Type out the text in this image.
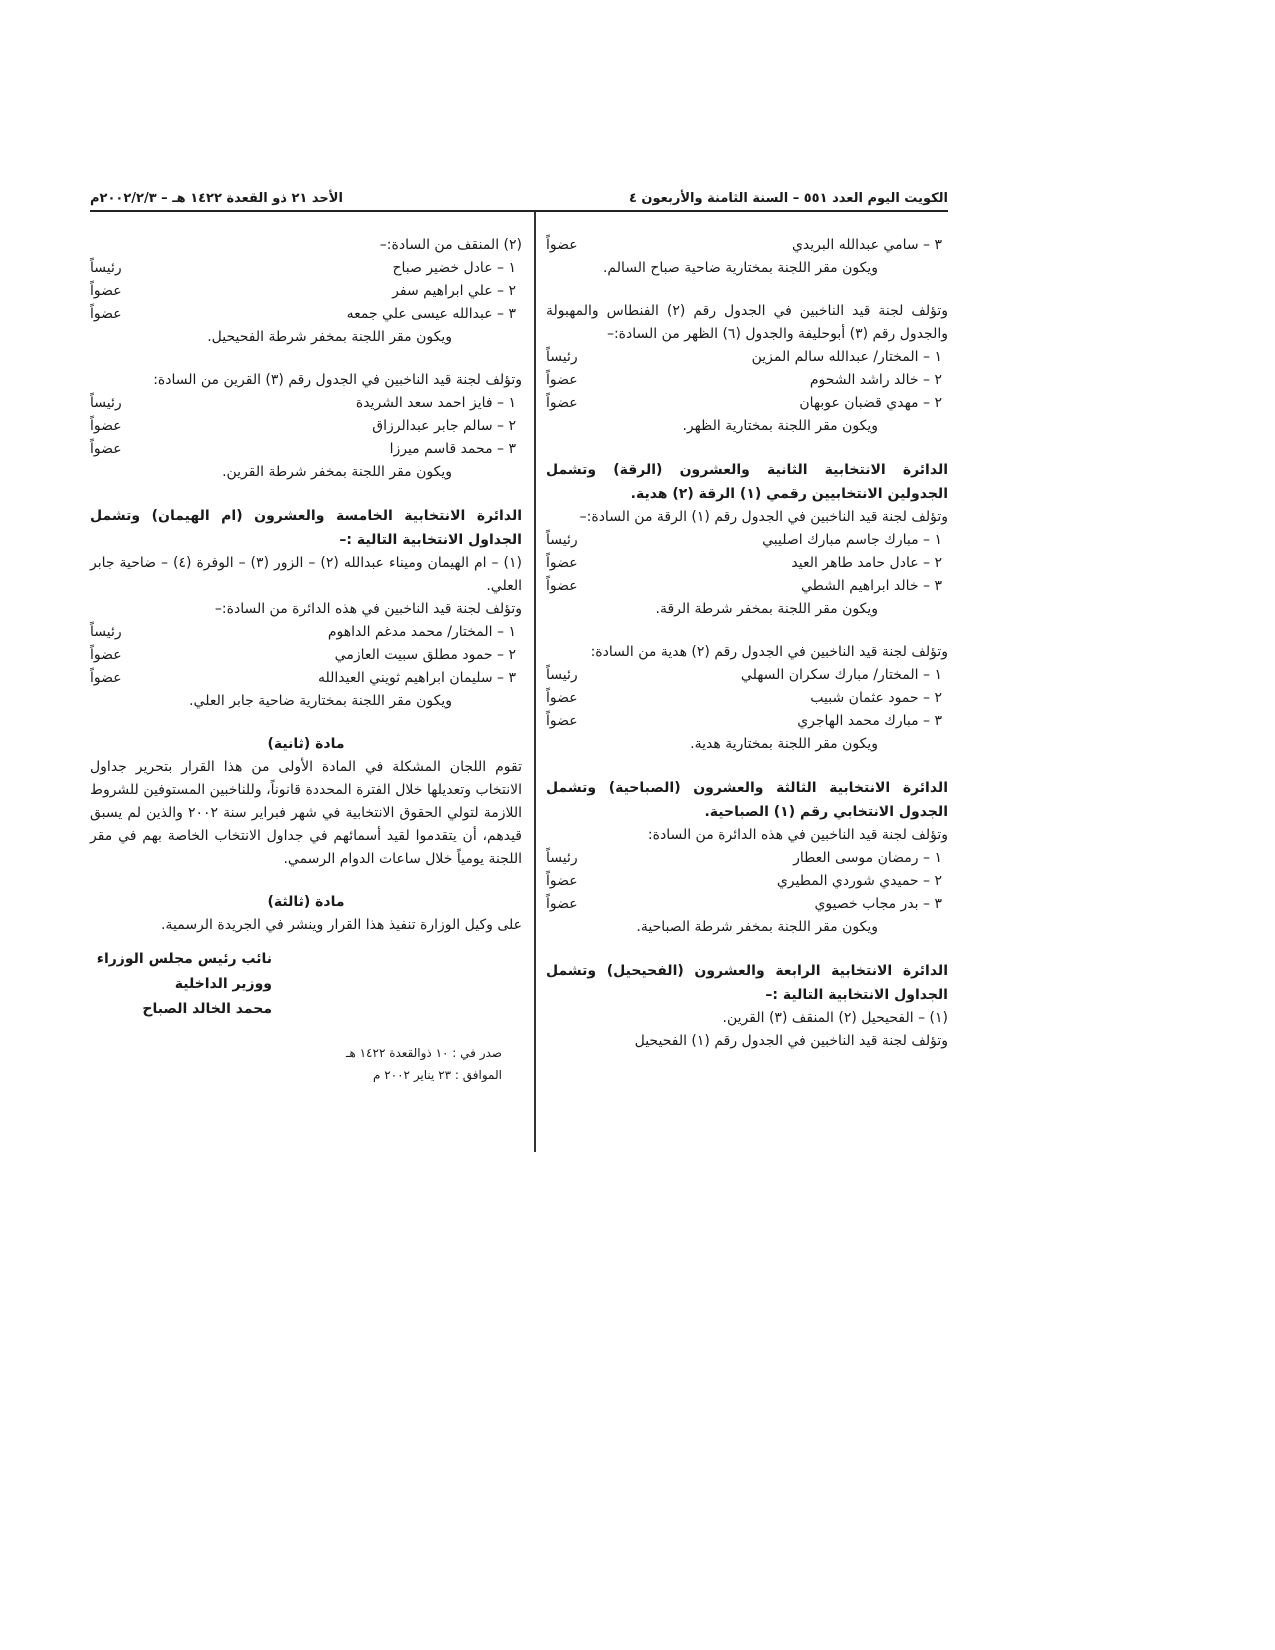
الكويت اليوم العدد ٥٥١ – السنة الثامنة والأربعون ٤
الأحد ٢١ ذو القعدة ١٤٢٢ هـ – ٢٠٠٢/٢/٣م
٣ – سامي عبدالله البريدي
عضواً

ويكون مقر اللجنة بمختارية ضاحية صباح السالم.

وتؤلف لجنة قيد الناخبين في الجدول رقم (٢) الفنطاس والمهبولة والجدول رقم (٣) أبوحليفة والجدول (٦) الظهر من السادة:–

١ – المختار/ عبدالله سالم المزين
رئيساً
٢ – خالد راشد الشحوم
عضواً
٢ – مهدي قضبان عوبهان
عضواً

ويكون مقر اللجنة بمختارية الظهر.

الدائرة الانتخابية الثانية والعشرون (الرقة) وتشمل الجدولين الانتخابيين رقمي (١) الرقة (٢) هدية.

وتؤلف لجنة قيد الناخبين في الجدول رقم (١) الرقة من السادة:–

١ – مبارك جاسم مبارك اصليبي
رئيساً
٢ – عادل حامد طاهر العيد
عضواً
٣ – خالد ابراهيم الشطي
عضواً

ويكون مقر اللجنة بمخفر شرطة الرقة.

وتؤلف لجنة قيد الناخبين في الجدول رقم (٢) هدية من السادة:

١ – المختار/ مبارك سكران السهلي
رئيساً
٢ – حمود عثمان شبيب
عضواً
٣ – مبارك محمد الهاجري
عضواً

ويكون مقر اللجنة بمختارية هدية.

الدائرة الانتخابية الثالثة والعشرون (الصباحية) وتشمل الجدول الانتخابي رقم (١) الصباحية.

وتؤلف لجنة قيد الناخبين في هذه الدائرة من السادة:

١ – رمضان موسى العطار
رئيساً
٢ – حميدي شوردي المطيري
عضواً
٣ – بدر مجاب خصيوي
عضواً

ويكون مقر اللجنة بمخفر شرطة الصباحية.

الدائرة الانتخابية الرابعة والعشرون (الفحيحيل) وتشمل الجداول الانتخابية التالية :–

(١) – الفحيحيل (٢) المنقف (٣) القرين.

وتؤلف لجنة قيد الناخبين في الجدول رقم (١) الفحيحيل

(٢) المنقف من السادة:–

١ – عادل خضير صباح
رئيساً
٢ – علي ابراهيم سفر
عضواً
٣ – عبدالله عيسى علي جمعه
عضواً

ويكون مقر اللجنة بمخفر شرطة الفحيحيل.

وتؤلف لجنة قيد الناخبين في الجدول رقم (٣) القرين من السادة:

١ – فايز احمد سعد الشريدة
رئيساً
٢ – سالم جابر عبدالرزاق
عضواً
٣ – محمد قاسم ميرزا
عضواً

ويكون مقر اللجنة بمخفر شرطة القرين.

الدائرة الانتخابية الخامسة والعشرون (ام الهيمان) وتشمل الجداول الانتخابية التالية :–

(١) – ام الهيمان وميناء عبدالله (٢) – الزور (٣) – الوفرة (٤) – ضاحية جابر العلي.

وتؤلف لجنة قيد الناخبين في هذه الدائرة من السادة:–

١ – المختار/ محمد مدغم الداهوم
رئيساً
٢ – حمود مطلق سبيت العازمي
عضواً
٣ – سليمان ابراهيم ثويني العيدالله
عضواً

ويكون مقر اللجنة بمختارية ضاحية جابر العلي.

مادة (ثانية)

تقوم اللجان المشكلة في المادة الأولى من هذا القرار بتحرير جداول الانتخاب وتعديلها خلال الفترة المحددة قانوناً، وللناخبين المستوفين للشروط اللازمة لتولي الحقوق الانتخابية في شهر فبراير سنة ٢٠٠٢ والذين لم يسبق قيدهم، أن يتقدموا لقيد أسمائهم في جداول الانتخاب الخاصة بهم في مقر اللجنة يومياً خلال ساعات الدوام الرسمي.

مادة (ثالثة)

على وكيل الوزارة تنفيذ هذا القرار وينشر في الجريدة الرسمية.

نائب رئيس مجلس الوزراء

ووزير الداخلية

محمد الخالد الصباح

صدر في : ١٠ ذوالقعدة ١٤٢٢ هـ

الموافق : ٢٣ يناير ٢٠٠٢ م
